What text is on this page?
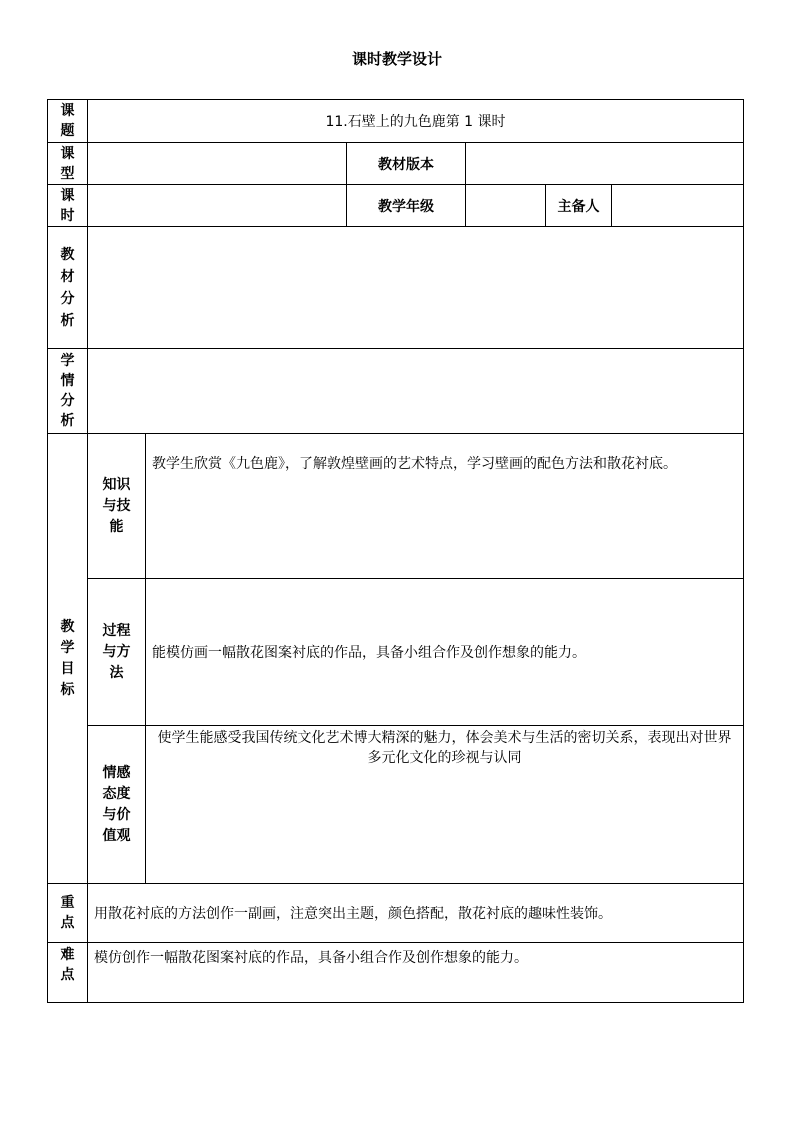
课时教学设计
课
题
11.石壁上的九色鹿第 1 课时
课
型
教材版本
课
时
教学年级	主备人
教
材
分
析
学
情
分
析
教
学
目
标
知识
与技
能
教学生欣赏《九色鹿》，了解敦煌壁画的艺术特点，学习壁画的配色方法和散花衬底。
过程
与方
法
能模仿画一幅散花图案衬底的作品，具备小组合作及创作想象的能力。
情感
态度
与价
值观
使学生能感受我国传统文化艺术博大精深的魅力，体会美术与生活的密切关系，表现出对世界多元化文化的珍视与认同
重
点
用散花衬底的方法创作一副画，注意突出主题，颜色搭配，散花衬底的趣味性装饰。
难
点
模仿创作一幅散花图案衬底的作品，具备小组合作及创作想象的能力。
